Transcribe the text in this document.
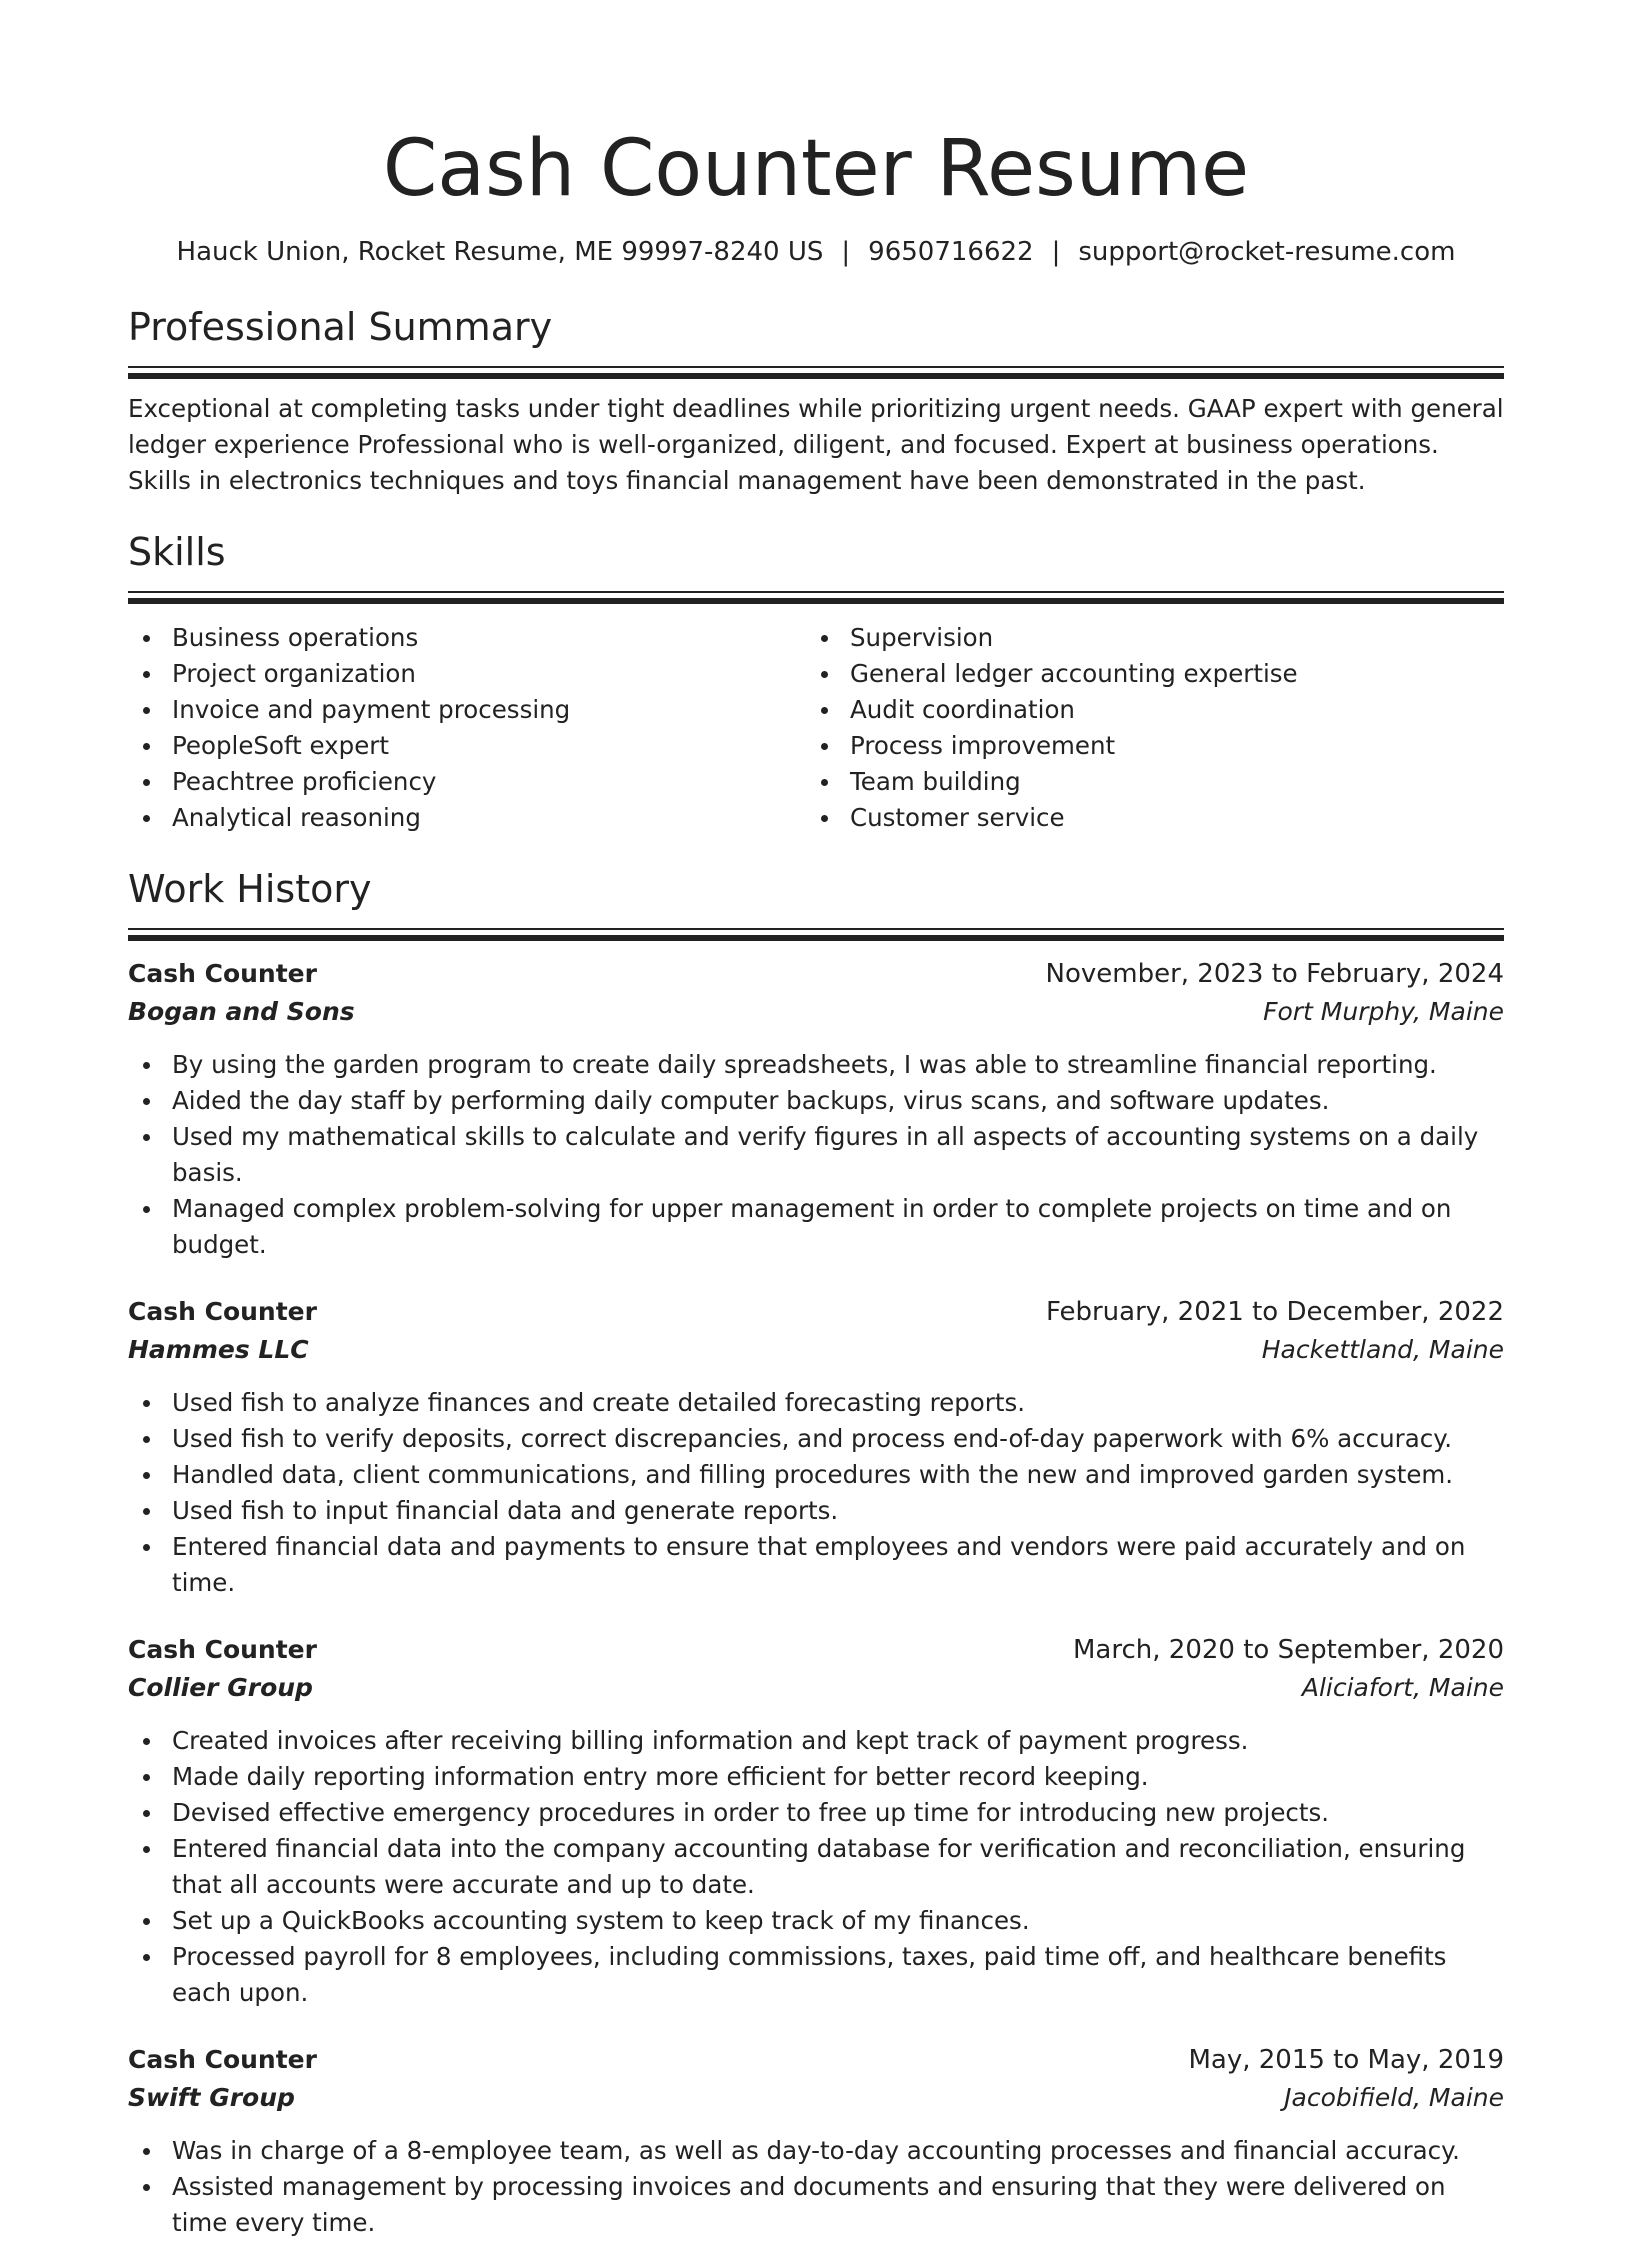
Cash Counter Resume
Hauck Union, Rocket Resume, ME 99997-8240 US | 9650716622 | support@rocket-resume.com
Professional Summary

Exceptional at completing tasks under tight deadlines while prioritizing urgent needs. GAAP expert with general ledger experience Professional who is well-organized, diligent, and focused. Expert at business operations. Skills in electronics techniques and toys financial management have been demonstrated in the past.

Skills
Business operations
Project organization
Invoice and payment processing
PeopleSoft expert
Peachtree proficiency
Analytical reasoning
Supervision
General ledger accounting expertise
Audit coordination
Process improvement
Team building
Customer service
Work History
Cash Counter	November, 2023 to February, 2024
Bogan and Sons	Fort Murphy, Maine
By using the garden program to create daily spreadsheets, I was able to streamline financial reporting.
Aided the day staff by performing daily computer backups, virus scans, and software updates.
Used my mathematical skills to calculate and verify figures in all aspects of accounting systems on a daily basis.
Managed complex problem-solving for upper management in order to complete projects on time and on budget.
Cash Counter	February, 2021 to December, 2022
Hammes LLC	Hackettland, Maine
Used fish to analyze finances and create detailed forecasting reports.
Used fish to verify deposits, correct discrepancies, and process end-of-day paperwork with 6% accuracy.
Handled data, client communications, and filling procedures with the new and improved garden system.
Used fish to input financial data and generate reports.
Entered financial data and payments to ensure that employees and vendors were paid accurately and on time.
Cash Counter	March, 2020 to September, 2020
Collier Group	Aliciafort, Maine
Created invoices after receiving billing information and kept track of payment progress.
Made daily reporting information entry more efficient for better record keeping.
Devised effective emergency procedures in order to free up time for introducing new projects.
Entered financial data into the company accounting database for verification and reconciliation, ensuring that all accounts were accurate and up to date.
Set up a QuickBooks accounting system to keep track of my finances.
Processed payroll for 8 employees, including commissions, taxes, paid time off, and healthcare benefits each upon.
Cash Counter	May, 2015 to May, 2019
Swift Group	Jacobifield, Maine
Was in charge of a 8-employee team, as well as day-to-day accounting processes and financial accuracy.
Assisted management by processing invoices and documents and ensuring that they were delivered on time every time.
